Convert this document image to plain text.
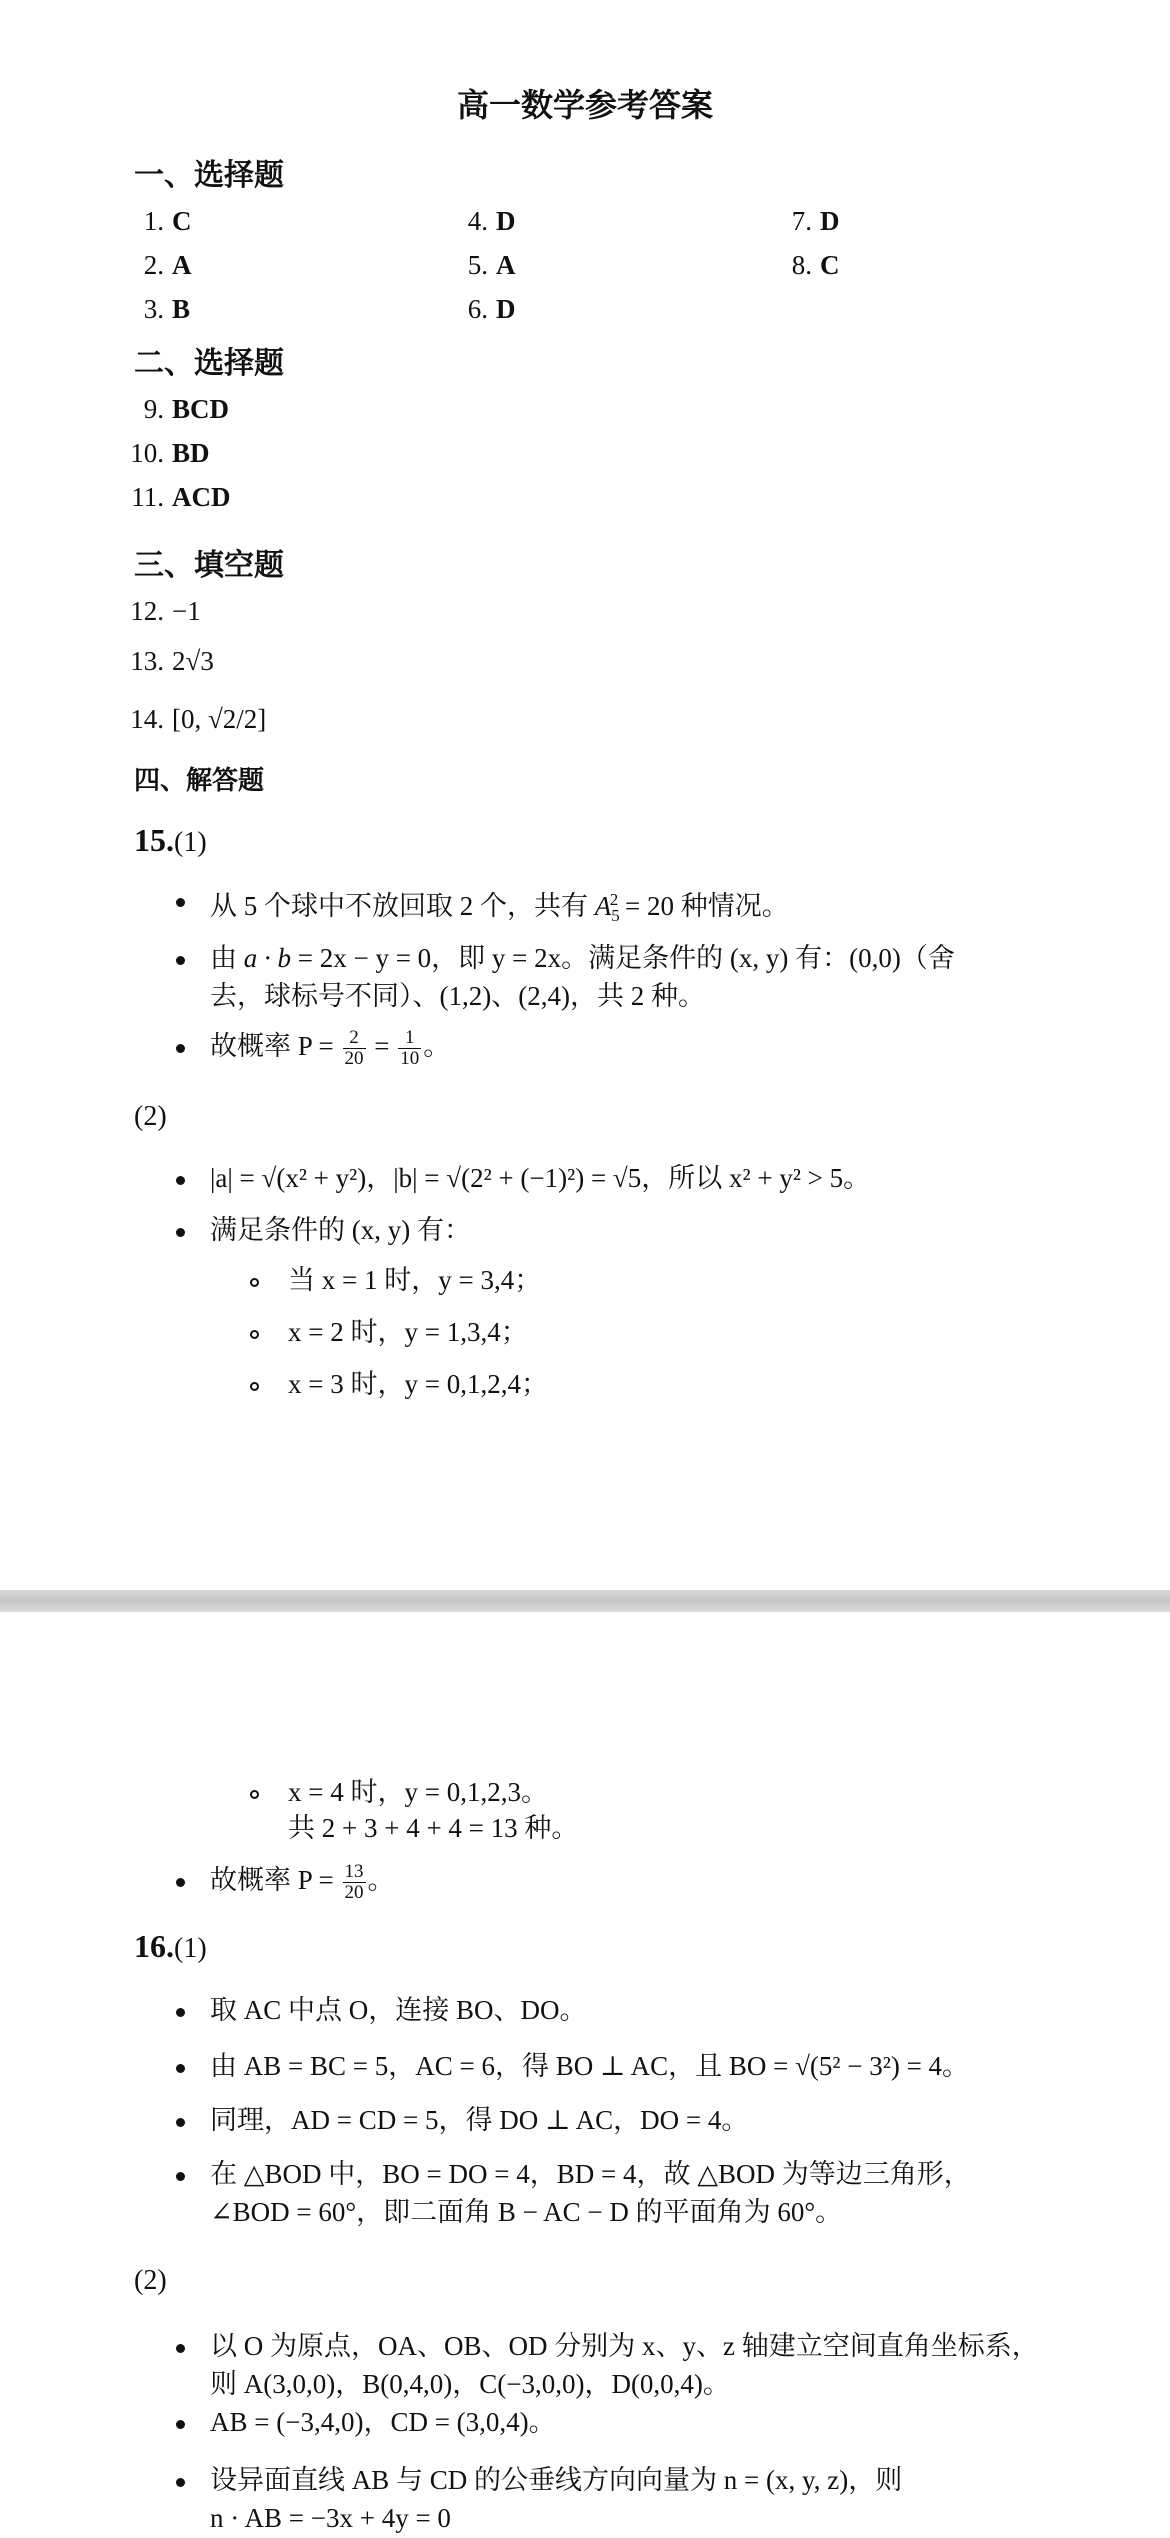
高一数学参考答案
一、选择题
1. C
2. A
3. B
4. D
5. A
6. D
7. D
8. C
二、选择题
9. BCD
10. BD
11. ACD
三、填空题
12. −1
13. 2√3
14. [0, √2/2]
四、解答题
15.(1)
从 5 个球中不放回取 2 个，共有 $A_5^2 = 20$ 种情况。
由 a · b = 2x − y = 0，即 y = 2x。满足条件的 (x, y) 有：(0,0)（舍
去，球标号不同）、(1,2)、(2,4)，共 2 种。
故概率 $P = \frac{2}{20} = \frac{1}{10}$ 。
(2)
|a| = √(x² + y²)，|b| = √(2² + (−1)²) = √5，所以 x² + y² > 5。
满足条件的 (x, y) 有：
当 x = 1 时，y = 3,4；
x = 2 时，y = 1,3,4；
x = 3 时，y = 0,1,2,4；
x = 4 时，y = 0,1,2,3。
共 2 + 3 + 4 + 4 = 13 种。
故概率 $P = \frac{13}{20}$ 。
16.(1)
取 AC 中点 O，连接 BO、DO。
由 AB = BC = 5，AC = 6，得 BO ⊥ AC，且 BO = √(5² − 3²) = 4。
同理，AD = CD = 5，得 DO ⊥ AC，DO = 4。
在 △BOD 中，BO = DO = 4，BD = 4，故 △BOD 为等边三角形，
∠BOD = 60°，即二面角 B − AC − D 的平面角为 60°。
(2)
以 O 为原点，OA、OB、OD 分别为 x、y、z 轴建立空间直角坐标系，
则 A(3,0,0)，B(0,4,0)，C(−3,0,0)，D(0,0,4)。
AB = (−3,4,0)，CD = (3,0,4)。
设异面直线 AB 与 CD 的公垂线方向向量为 n = (x, y, z)，则
n · AB = −3x + 4y = 0
